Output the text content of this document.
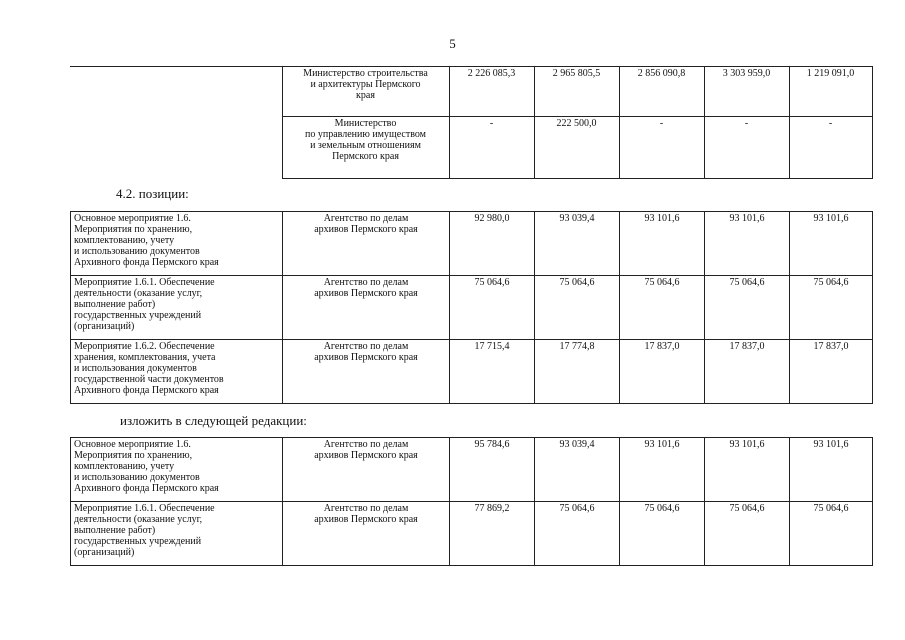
5
	Министерство строительства
и архитектуры Пермского
края	2 226 085,3	2 965 805,5	2 856 090,8	3 303 959,0	1 219 091,0
	Министерство
по управлению имуществом
и земельным отношениям
Пермского края	-	222 500,0	-	-	-
4.2. позиции:
Основное мероприятие 1.6.
Мероприятия по хранению,
комплектованию, учету
и использованию документов
Архивного фонда Пермского края	Агентство по делам
архивов Пермского края	92 980,0	93 039,4	93 101,6	93 101,6	93 101,6
Мероприятие 1.6.1. Обеспечение
деятельности (оказание услуг,
выполнение работ)
государственных учреждений
(организаций)	Агентство по делам
архивов Пермского края	75 064,6	75 064,6	75 064,6	75 064,6	75 064,6
Мероприятие 1.6.2. Обеспечение
хранения, комплектования, учета
и использования документов
государственной части документов
Архивного фонда Пермского края	Агентство по делам
архивов Пермского края	17 715,4	17 774,8	17 837,0	17 837,0	17 837,0
изложить в следующей редакции:
Основное мероприятие 1.6.
Мероприятия по хранению,
комплектованию, учету
и использованию документов
Архивного фонда Пермского края	Агентство по делам
архивов Пермского края	95 784,6	93 039,4	93 101,6	93 101,6	93 101,6
Мероприятие 1.6.1. Обеспечение
деятельности (оказание услуг,
выполнение работ)
государственных учреждений
(организаций)	Агентство по делам
архивов Пермского края	77 869,2	75 064,6	75 064,6	75 064,6	75 064,6
